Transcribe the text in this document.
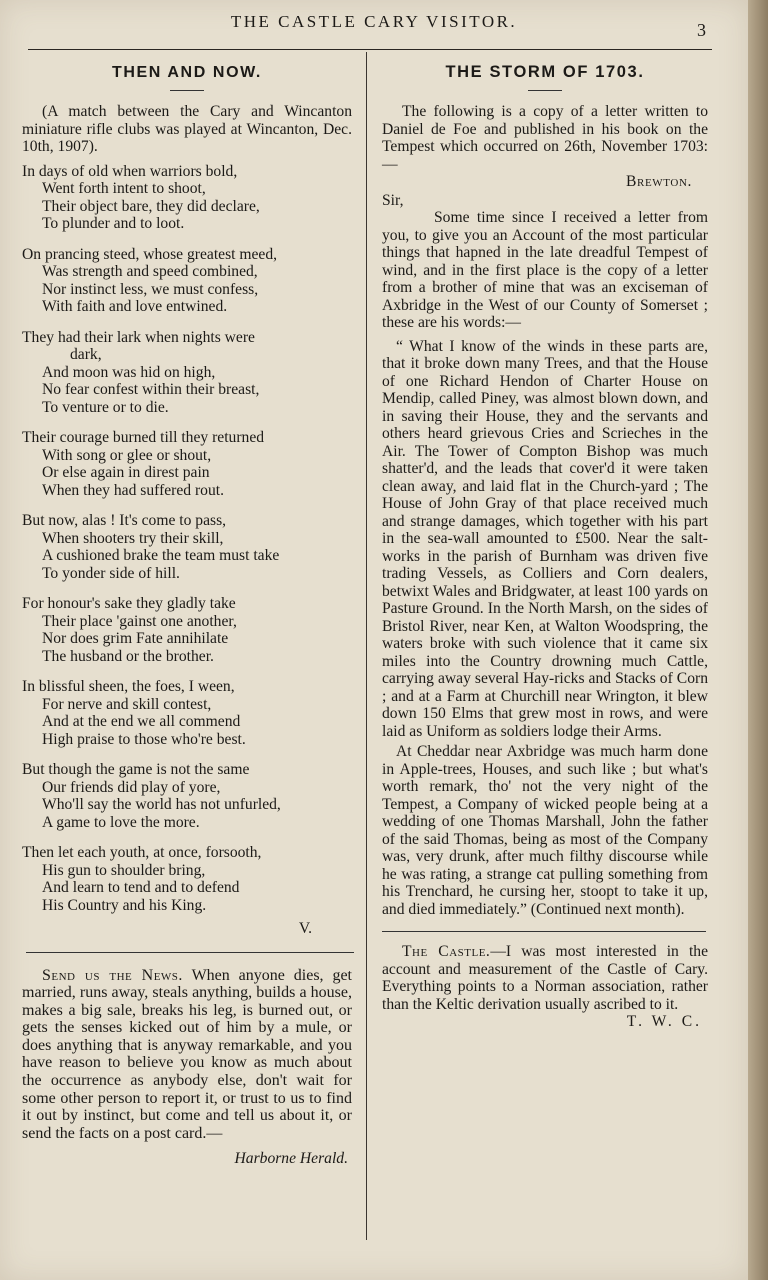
THE CASTLE CARY VISITOR.	3
THEN AND NOW.

(A match between the Cary and Wincanton miniature rifle clubs was played at Wincanton, Dec. 10th, 1907).

In days of old when warriors bold,
Went forth intent to shoot,
Their object bare, they did declare,
To plunder and to loot.
On prancing steed, whose greatest meed,
Was strength and speed combined,
Nor instinct less, we must confess,
With faith and love entwined.
They had their lark when nights were
dark,
And moon was hid on high,
No fear confest within their breast,
To venture or to die.
Their courage burned till they returned
With song or glee or shout,
Or else again in direst pain
When they had suffered rout.
But now, alas ! It's come to pass,
When shooters try their skill,
A cushioned brake the team must take
To yonder side of hill.
For honour's sake they gladly take
Their place 'gainst one another,
Nor does grim Fate annihilate
The husband or the brother.
In blissful sheen, the foes, I ween,
For nerve and skill contest,
And at the end we all commend
High praise to those who're best.
But though the game is not the same
Our friends did play of yore,
Who'll say the world has not unfurled,
A game to love the more.
Then let each youth, at once, forsooth,
His gun to shoulder bring,
And learn to tend and to defend
His Country and his King.
V.

Send us the News. When anyone dies, get married, runs away, steals anything, builds a house, makes a big sale, breaks his leg, is burned out, or gets the senses kicked out of him by a mule, or does anything that is anyway remarkable, and you have reason to believe you know as much about the occurrence as anybody else, don't wait for some other person to report it, or trust to us to find it out by instinct, but come and tell us about it, or send the facts on a post card.—

Harborne Herald.
THE STORM OF 1703.

The following is a copy of a letter written to Daniel de Foe and published in his book on the Tempest which occurred on 26th, November 1703:—

Brewton.
Sir,

Some time since I received a letter from you, to give you an Account of the most particular things that hapned in the late dreadful Tempest of wind, and in the first place is the copy of a letter from a brother of mine that was an exciseman of Axbridge in the West of our County of Somerset ; these are his words:—

“ What I know of the winds in these parts are, that it broke down many Trees, and that the House of one Richard Hendon of Charter House on Mendip, called Piney, was almost blown down, and in saving their House, they and the servants and others heard grievous Cries and Scrieches in the Air. The Tower of Compton Bishop was much shatter'd, and the leads that cover'd it were taken clean away, and laid flat in the Church-yard ; The House of John Gray of that place received much and strange damages, which together with his part in the sea-wall amounted to £500. Near the salt-works in the parish of Burnham was driven five trading Vessels, as Colliers and Corn dealers, betwixt Wales and Bridgwater, at least 100 yards on Pasture Ground. In the North Marsh, on the sides of Bristol River, near Ken, at Walton Woodspring, the waters broke with such violence that it came six miles into the Country drowning much Cattle, carrying away several Hay-ricks and Stacks of Corn ; and at a Farm at Churchill near Wrington, it blew down 150 Elms that grew most in rows, and were laid as Uniform as soldiers lodge their Arms.

At Cheddar near Axbridge was much harm done in Apple-trees, Houses, and such like ; but what's worth remark, tho' not the very night of the Tempest, a Company of wicked people being at a wedding of one Thomas Marshall, John the father of the said Thomas, being as most of the Company was, very drunk, after much filthy discourse while he was rating, a strange cat pulling something from his Trenchard, he cursing her, stoopt to take it up, and died immediately.” (Continued next month).

The Castle.—I was most interested in the account and measurement of the Castle of Cary. Everything points to a Norman association, rather than the Keltic derivation usually ascribed to it.

T. W. C.
